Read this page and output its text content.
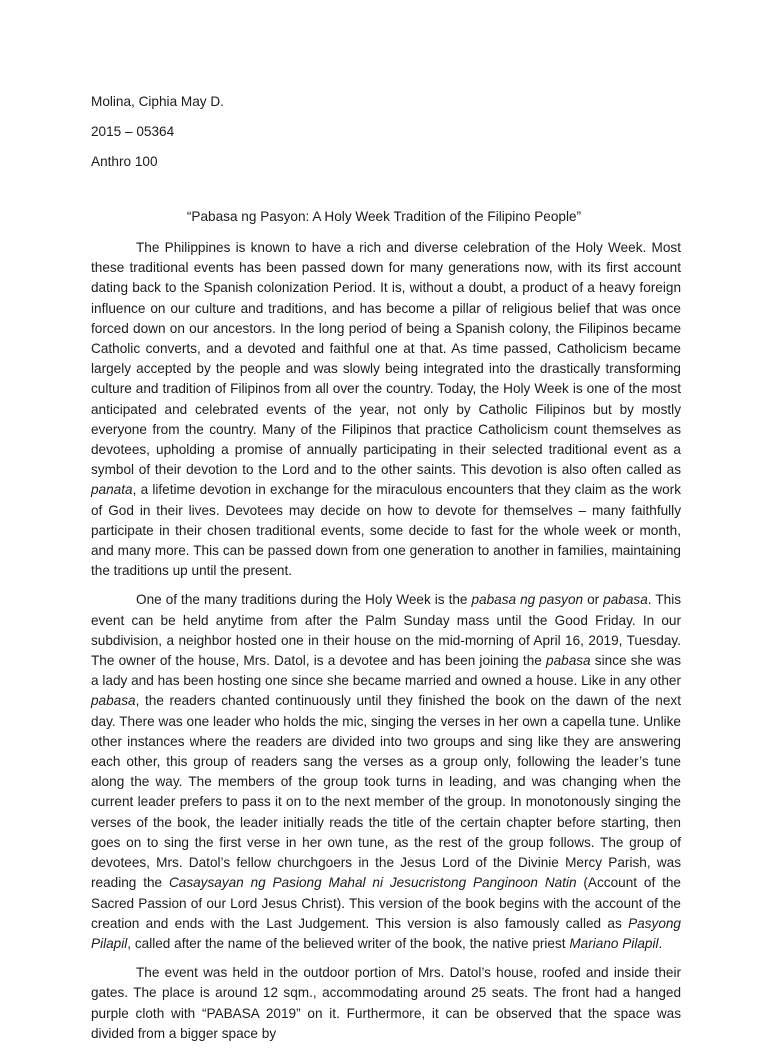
Molina, Ciphia May D.
2015 – 05364
Anthro 100
“Pabasa ng Pasyon: A Holy Week Tradition of the Filipino People”

The Philippines is known to have a rich and diverse celebration of the Holy Week. Most these traditional events has been passed down for many generations now, with its first account dating back to the Spanish colonization Period. It is, without a doubt, a product of a heavy foreign influence on our culture and traditions, and has become a pillar of religious belief that was once forced down on our ancestors. In the long period of being a Spanish colony, the Filipinos became Catholic converts, and a devoted and faithful one at that. As time passed, Catholicism became largely accepted by the people and was slowly being integrated into the drastically transforming culture and tradition of Filipinos from all over the country. Today, the Holy Week is one of the most anticipated and celebrated events of the year, not only by Catholic Filipinos but by mostly everyone from the country. Many of the Filipinos that practice Catholicism count themselves as devotees, upholding a promise of annually participating in their selected traditional event as a symbol of their devotion to the Lord and to the other saints. This devotion is also often called as panata, a lifetime devotion in exchange for the miraculous encounters that they claim as the work of God in their lives. Devotees may decide on how to devote for themselves – many faithfully participate in their chosen traditional events, some decide to fast for the whole week or month, and many more. This can be passed down from one generation to another in families, maintaining the traditions up until the present.

One of the many traditions during the Holy Week is the pabasa ng pasyon or pabasa. This event can be held anytime from after the Palm Sunday mass until the Good Friday. In our subdivision, a neighbor hosted one in their house on the mid-morning of April 16, 2019, Tuesday. The owner of the house, Mrs. Datol, is a devotee and has been joining the pabasa since she was a lady and has been hosting one since she became married and owned a house. Like in any other pabasa, the readers chanted continuously until they finished the book on the dawn of the next day. There was one leader who holds the mic, singing the verses in her own a capella tune. Unlike other instances where the readers are divided into two groups and sing like they are answering each other, this group of readers sang the verses as a group only, following the leader’s tune along the way. The members of the group took turns in leading, and was changing when the current leader prefers to pass it on to the next member of the group. In monotonously singing the verses of the book, the leader initially reads the title of the certain chapter before starting, then goes on to sing the first verse in her own tune, as the rest of the group follows. The group of devotees, Mrs. Datol’s fellow churchgoers in the Jesus Lord of the Divinie Mercy Parish, was reading the Casaysayan ng Pasiong Mahal ni Jesucristong Panginoon Natin (Account of the Sacred Passion of our Lord Jesus Christ). This version of the book begins with the account of the creation and ends with the Last Judgement. This version is also famously called as Pasyong Pilapil, called after the name of the believed writer of the book, the native priest Mariano Pilapil.

The event was held in the outdoor portion of Mrs. Datol’s house, roofed and inside their gates. The place is around 12 sqm., accommodating around 25 seats. The front had a hanged purple cloth with “PABASA 2019” on it. Furthermore, it can be observed that the space was divided from a bigger space by
